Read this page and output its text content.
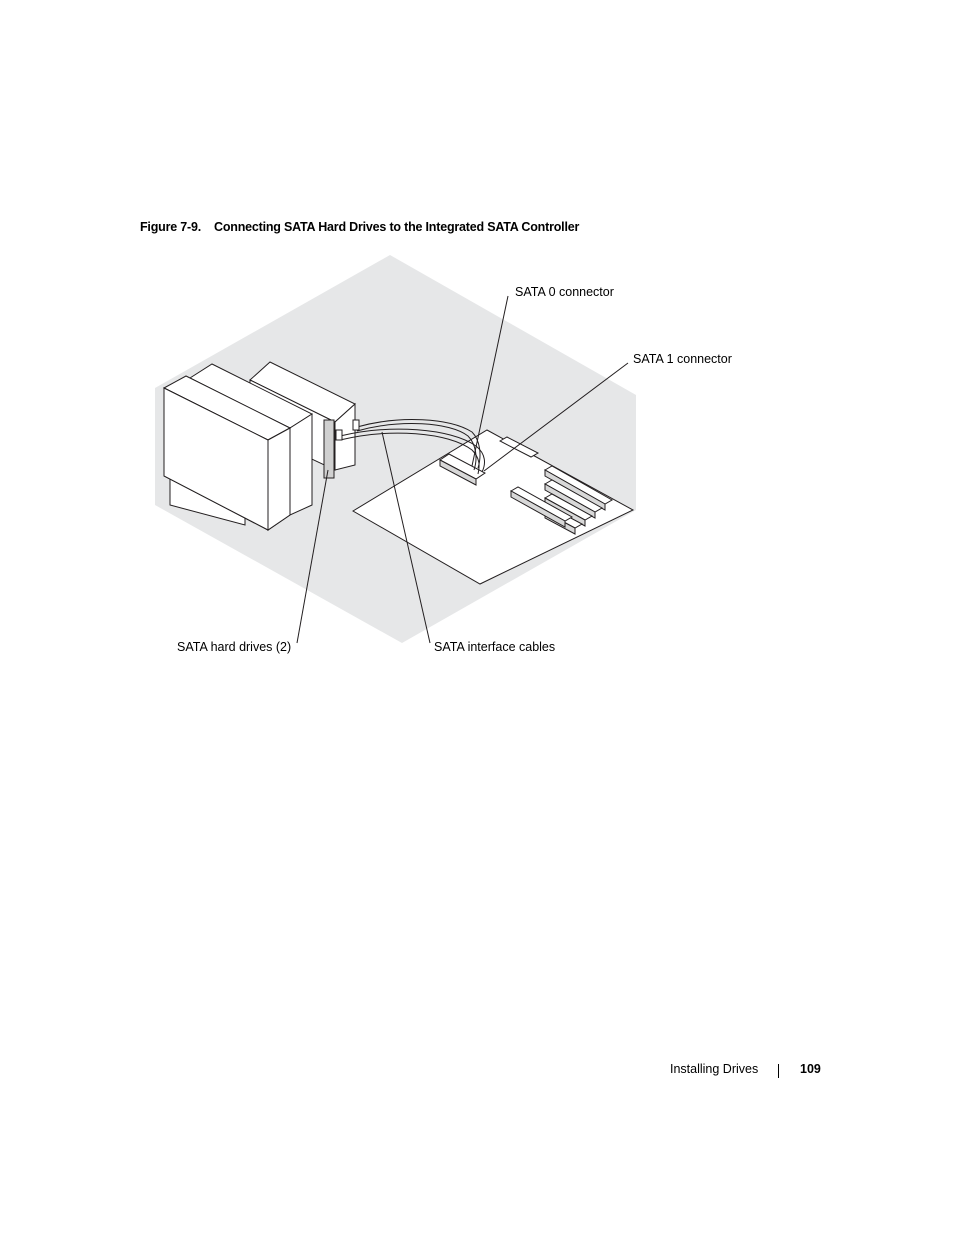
Figure 7-9. Connecting SATA Hard Drives to the Integrated SATA Controller
SATA 0 connector
SATA 1 connector
SATA hard drives (2)	SATA interface cables
Installing Drives	109
